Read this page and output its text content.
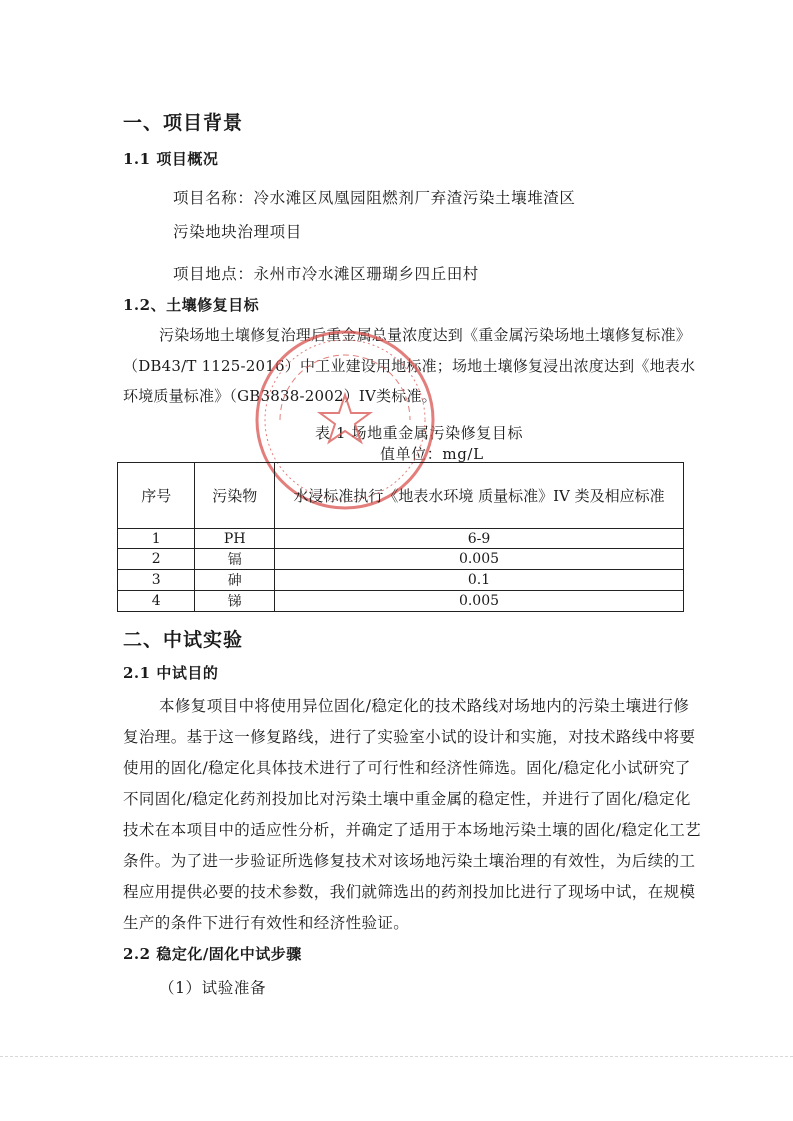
一、项目背景
1.1 项目概况
项目名称：冷水滩区凤凰园阻燃剂厂弃渣污染土壤堆渣区
污染地块治理项目
项目地点：永州市冷水滩区珊瑚乡四丘田村
1.2、土壤修复目标
污染场地土壤修复治理后重金属总量浓度达到《重金属污染场地土壤修复标准》
（DB43/T 1125-2016）中工业建设用地标准；场地土壤修复浸出浓度达到《地表水
环境质量标准》（GB3838-2002）IV类标准。
表 1 场地重金属污染修复目标
值单位：mg/L
序号	污染物	水浸标准执行《地表水环境 质量标准》IV 类及相应标准
1	PH	6-9
2	镉	0.005
3	砷	0.1
4	锑	0.005
二、中试实验
2.1 中试目的
本修复项目中将使用异位固化/稳定化的技术路线对场地内的污染土壤进行修
复治理。基于这一修复路线，进行了实验室小试的设计和实施，对技术路线中将要
使用的固化/稳定化具体技术进行了可行性和经济性筛选。固化/稳定化小试研究了
不同固化/稳定化药剂投加比对污染土壤中重金属的稳定性，并进行了固化/稳定化
技术在本项目中的适应性分析，并确定了适用于本场地污染土壤的固化/稳定化工艺
条件。为了进一步验证所选修复技术对该场地污染土壤治理的有效性，为后续的工
程应用提供必要的技术参数，我们就筛选出的药剂投加比进行了现场中试，在规模
生产的条件下进行有效性和经济性验证。
2.2 稳定化/固化中试步骤
（1）试验准备
